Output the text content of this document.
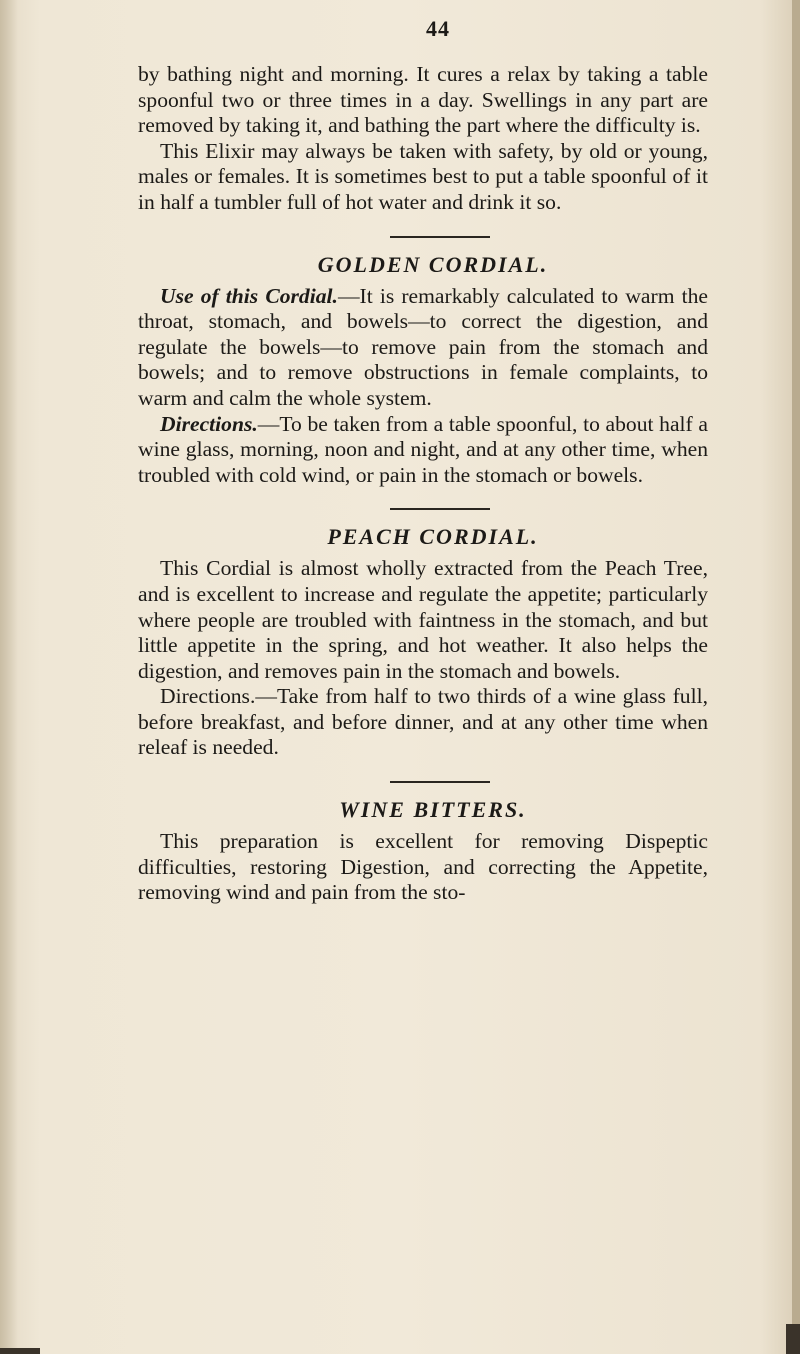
44

by bathing night and morning. It cures a relax by taking a table spoonful two or three times in a day. Swellings in any part are removed by taking it, and bathing the part where the difficulty is.

This Elixir may always be taken with safety, by old or young, males or females. It is sometimes best to put a table spoonful of it in half a tumbler full of hot water and drink it so.

GOLDEN CORDIAL.

Use of this Cordial.—It is remarkably calculated to warm the throat, stomach, and bowels—to correct the digestion, and regulate the bowels—to remove pain from the stomach and bowels; and to remove obstructions in female complaints, to warm and calm the whole system.

Directions.—To be taken from a table spoonful, to about half a wine glass, morning, noon and night, and at any other time, when troubled with cold wind, or pain in the stomach or bowels.

PEACH CORDIAL.

This Cordial is almost wholly extracted from the Peach Tree, and is excellent to increase and regulate the appetite; particularly where people are troubled with faintness in the stomach, and but little appetite in the spring, and hot weather. It also helps the digestion, and removes pain in the stomach and bowels.

Directions.—Take from half to two thirds of a wine glass full, before breakfast, and before dinner, and at any other time when releaf is needed.

WINE BITTERS.

This preparation is excellent for removing Dispeptic difficulties, restoring Digestion, and correcting the Appetite, removing wind and pain from the sto-
